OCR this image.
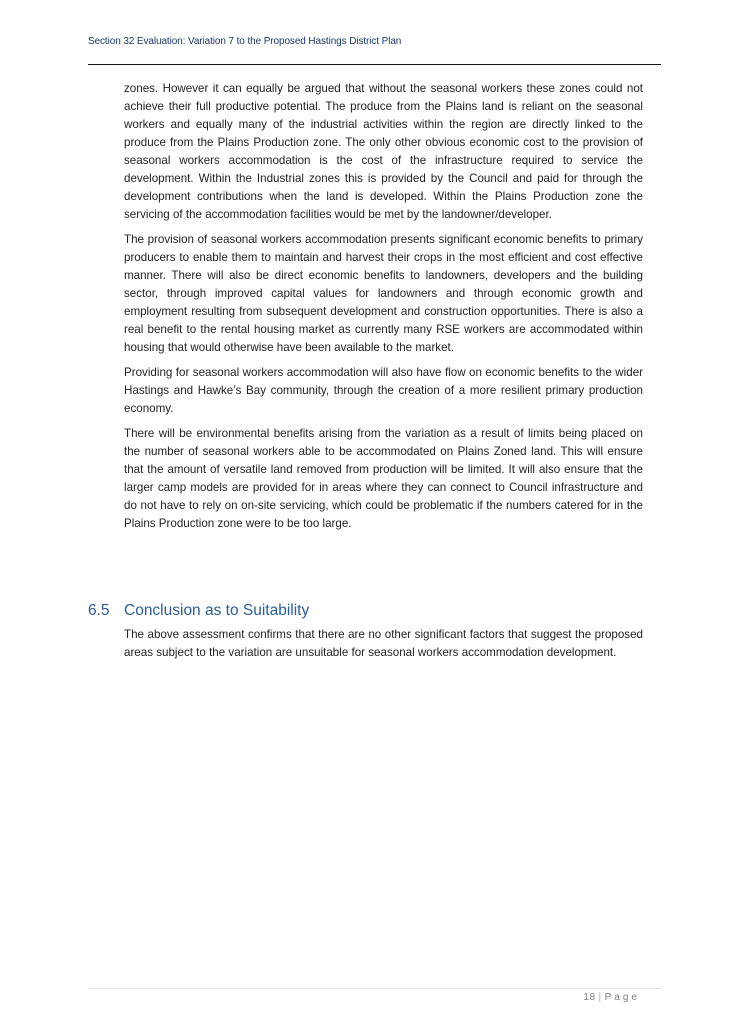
Section 32 Evaluation: Variation 7 to the Proposed Hastings District Plan

zones. However it can equally be argued that without the seasonal workers these zones could not achieve their full productive potential. The produce from the Plains land is reliant on the seasonal workers and equally many of the industrial activities within the region are directly linked to the produce from the Plains Production zone. The only other obvious economic cost to the provision of seasonal workers accommodation is the cost of the infrastructure required to service the development. Within the Industrial zones this is provided by the Council and paid for through the development contributions when the land is developed. Within the Plains Production zone the servicing of the accommodation facilities would be met by the landowner/developer.

The provision of seasonal workers accommodation presents significant economic benefits to primary producers to enable them to maintain and harvest their crops in the most efficient and cost effective manner. There will also be direct economic benefits to landowners, developers and the building sector, through improved capital values for landowners and through economic growth and employment resulting from subsequent development and construction opportunities. There is also a real benefit to the rental housing market as currently many RSE workers are accommodated within housing that would otherwise have been available to the market.

Providing for seasonal workers accommodation will also have flow on economic benefits to the wider Hastings and Hawke’s Bay community, through the creation of a more resilient primary production economy.

There will be environmental benefits arising from the variation as a result of limits being placed on the number of seasonal workers able to be accommodated on Plains Zoned land. This will ensure that the amount of versatile land removed from production will be limited. It will also ensure that the larger camp models are provided for in areas where they can connect to Council infrastructure and do not have to rely on on-site servicing, which could be problematic if the numbers catered for in the Plains Production zone were to be too large.

6.5 Conclusion as to Suitability

The above assessment confirms that there are no other significant factors that suggest the proposed areas subject to the variation are unsuitable for seasonal workers accommodation development.

18 | Page
